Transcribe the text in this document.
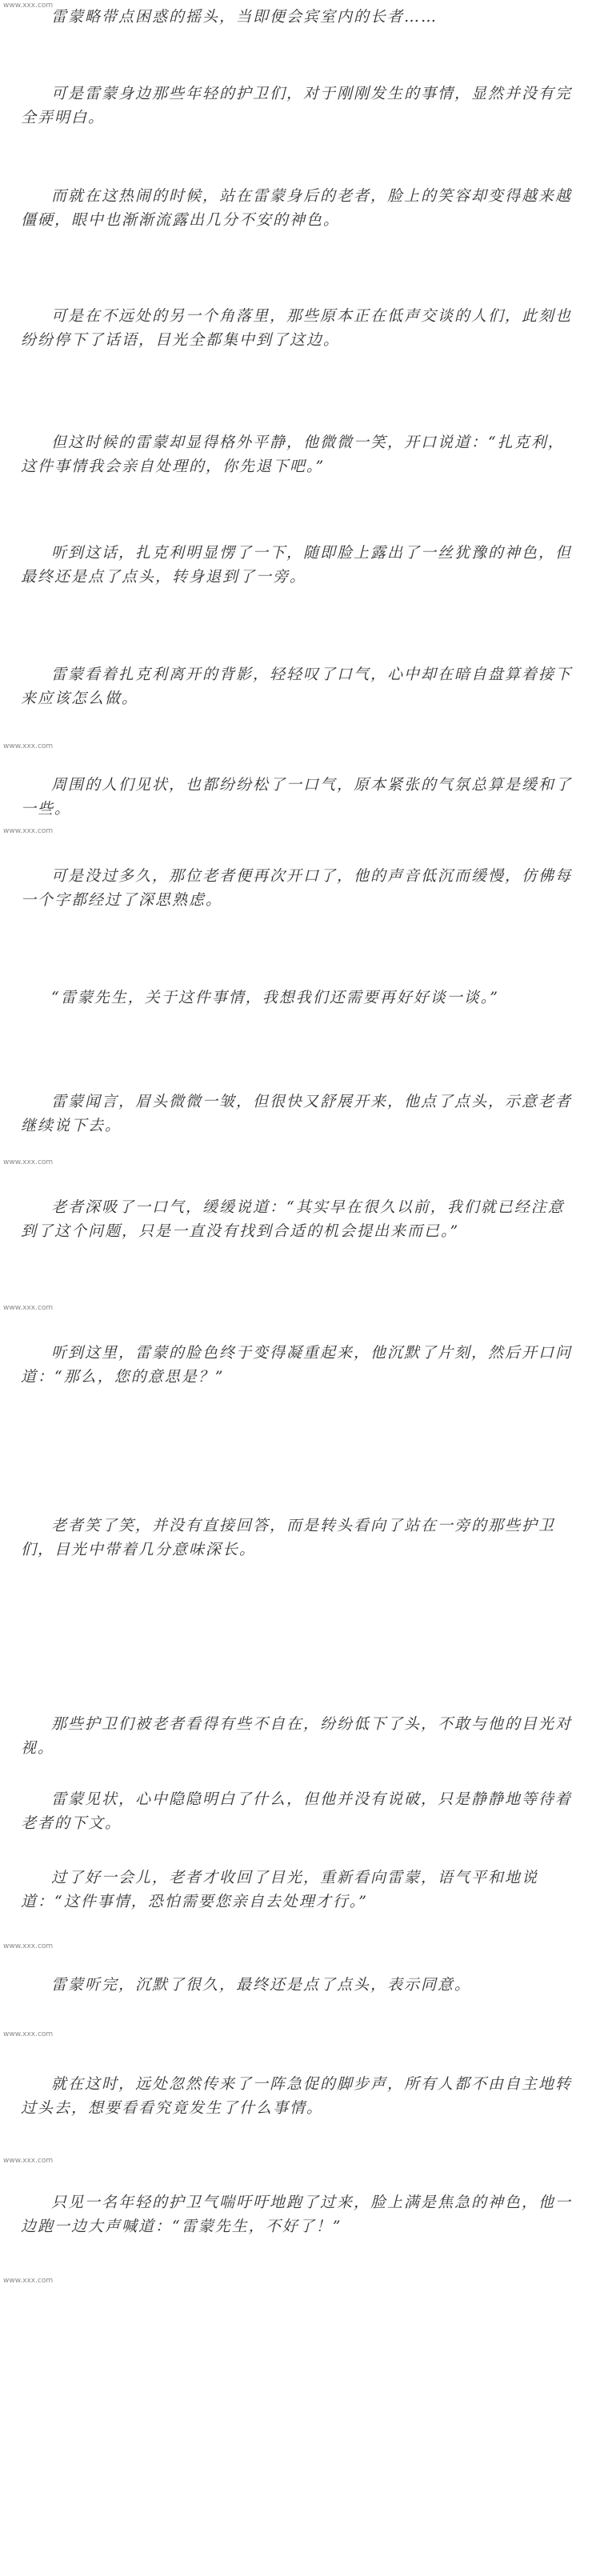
www.xxx.com

雷蒙略带点困惑的摇头，当即便会宾室内的长者……

可是雷蒙身边那些年轻的护卫们，对于刚刚发生的事情，显然并没有完全弄明白。

而就在这热闹的时候，站在雷蒙身后的老者，脸上的笑容却变得越来越僵硬，眼中也渐渐流露出几分不安的神色。

可是在不远处的另一个角落里，那些原本正在低声交谈的人们，此刻也纷纷停下了话语，目光全都集中到了这边。

但这时候的雷蒙却显得格外平静，他微微一笑，开口说道：“扎克利，这件事情我会亲自处理的，你先退下吧。”

听到这话，扎克利明显愣了一下，随即脸上露出了一丝犹豫的神色，但最终还是点了点头，转身退到了一旁。

雷蒙看着扎克利离开的背影，轻轻叹了口气，心中却在暗自盘算着接下来应该怎么做。

www.xxx.com

周围的人们见状，也都纷纷松了一口气，原本紧张的气氛总算是缓和了一些。

www.xxx.com

可是没过多久，那位老者便再次开口了，他的声音低沉而缓慢，仿佛每一个字都经过了深思熟虑。

“雷蒙先生，关于这件事情，我想我们还需要再好好谈一谈。”

雷蒙闻言，眉头微微一皱，但很快又舒展开来，他点了点头，示意老者继续说下去。

www.xxx.com

老者深吸了一口气，缓缓说道：“其实早在很久以前，我们就已经注意到了这个问题，只是一直没有找到合适的机会提出来而已。”

www.xxx.com

听到这里，雷蒙的脸色终于变得凝重起来，他沉默了片刻，然后开口问道：“那么，您的意思是？”

老者笑了笑，并没有直接回答，而是转头看向了站在一旁的那些护卫们，目光中带着几分意味深长。

那些护卫们被老者看得有些不自在，纷纷低下了头，不敢与他的目光对视。

雷蒙见状，心中隐隐明白了什么，但他并没有说破，只是静静地等待着老者的下文。

过了好一会儿，老者才收回了目光，重新看向雷蒙，语气平和地说道：“这件事情，恐怕需要您亲自去处理才行。”

www.xxx.com

雷蒙听完，沉默了很久，最终还是点了点头，表示同意。

www.xxx.com

就在这时，远处忽然传来了一阵急促的脚步声，所有人都不由自主地转过头去，想要看看究竟发生了什么事情。

www.xxx.com

只见一名年轻的护卫气喘吁吁地跑了过来，脸上满是焦急的神色，他一边跑一边大声喊道：“雷蒙先生，不好了！”

www.xxx.com
